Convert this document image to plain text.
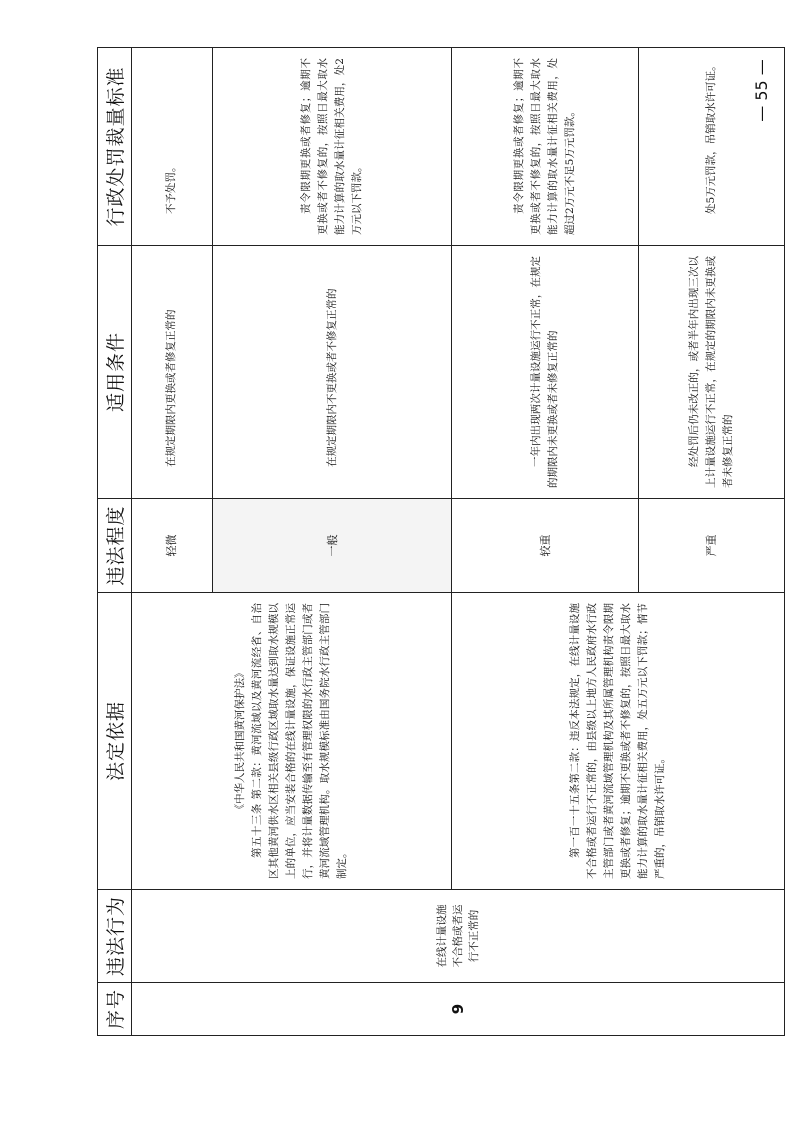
序号	违法行为	法定依据	违法程度	适用条件	行政处罚裁量标准
9	在线计量设施不合格或者运行不正常的	《中华人民共和国黄河保护法》 第五十三条 第二款：黄河流域以及黄河流经省、自治区其他黄河供水区相关县级行政区域取水量达到取水规模以上的单位，应当安装合格的在线计量设施，保证设施正常运行，并将计量数据传输至有管理权限的水行政主管部门或者黄河流域管理机构。取水规模标准由国务院水行政主管部门制定。	轻微	在规定期限内更换或者修复正常的	不予处罚。
			一般	在规定期限内不更换或者不修复正常的	责令限期更换或者修复；逾期不更换或者不修复的，按照日最大取水能力计算的取水量计征相关费用，处2万元以下罚款。

		第一百一十五条第二款：违反本法规定，在线计量设施不合格或者运行不正常的，由县级以上地方人民政府水行政主管部门或者黄河流域管理机构及其所属管理机构责令限期更换或者修复；逾期不更换或者不修复的，按照日最大取水能力计算的取水量计征相关费用，处五万元以下罚款；情节严重的，吊销取水许可证。	较重	一年内出现两次计量设施运行不正常，在规定的期限内未更换或者未修复正常的	责令限期更换或者修复；逾期不更换或者不修复的，按照日最大取水能力计算的取水量计征相关费用，处超过2万元不足5万元罚款。
			严重	经处罚后仍未改正的，或者半年内出现三次以上计量设施运行不正常，在规定的期限内未更换或者未修复正常的	处5万元罚款，吊销取水许可证。 — 55 —
